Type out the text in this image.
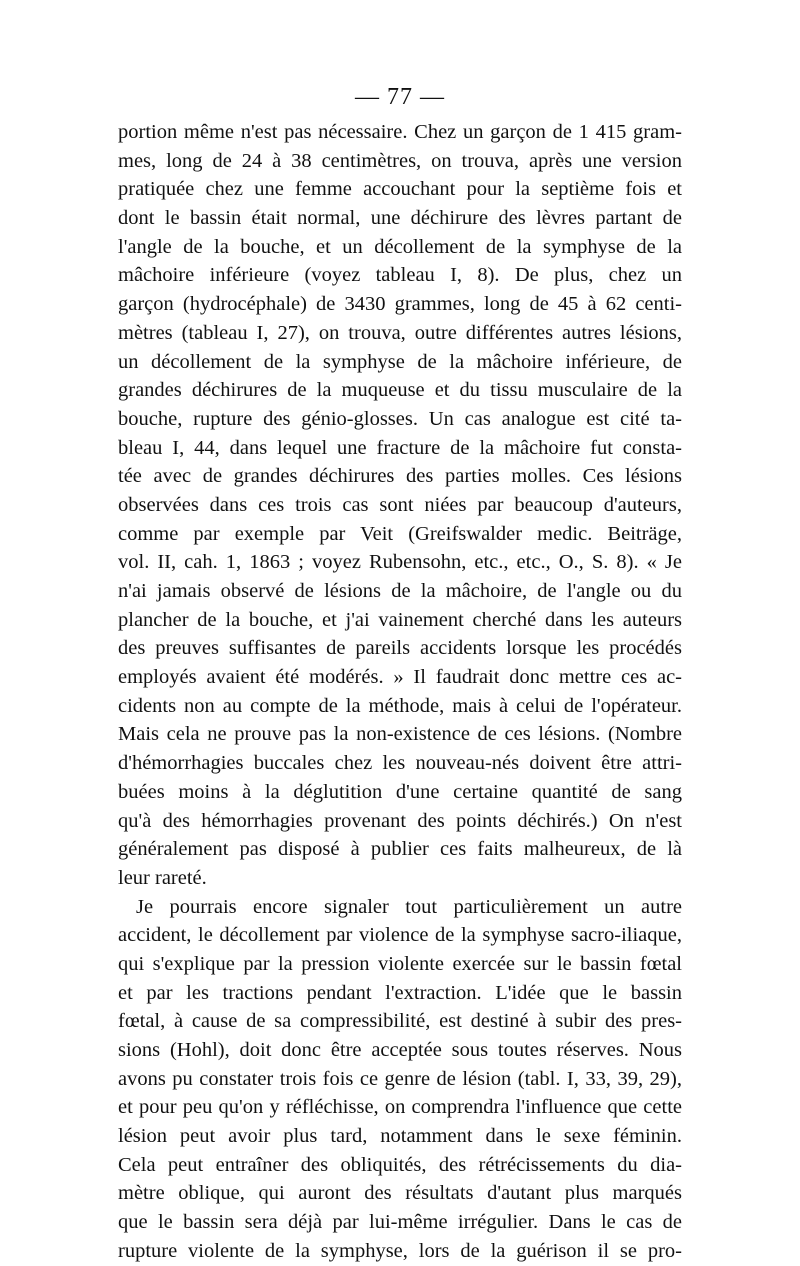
— 77 —
portion même n'est pas nécessaire. Chez un garçon de 1 415 gram-
mes, long de 24 à 38 centimètres, on trouva, après une version
pratiquée chez une femme accouchant pour la septième fois et
dont le bassin était normal, une déchirure des lèvres partant de
l'angle de la bouche, et un décollement de la symphyse de la
mâchoire inférieure (voyez tableau I, 8). De plus, chez un
garçon (hydrocéphale) de 3430 grammes, long de 45 à 62 centi-
mètres (tableau I, 27), on trouva, outre différentes autres lésions,
un décollement de la symphyse de la mâchoire inférieure, de
grandes déchirures de la muqueuse et du tissu musculaire de la
bouche, rupture des génio-glosses. Un cas analogue est cité ta-
bleau I, 44, dans lequel une fracture de la mâchoire fut consta-
tée avec de grandes déchirures des parties molles. Ces lésions
observées dans ces trois cas sont niées par beaucoup d'auteurs,
comme par exemple par Veit (Greifswalder medic. Beiträge,
vol. II, cah. 1, 1863 ; voyez Rubensohn, etc., etc., O., S. 8). « Je
n'ai jamais observé de lésions de la mâchoire, de l'angle ou du
plancher de la bouche, et j'ai vainement cherché dans les auteurs
des preuves suffisantes de pareils accidents lorsque les procédés
employés avaient été modérés. » Il faudrait donc mettre ces ac-
cidents non au compte de la méthode, mais à celui de l'opérateur.
Mais cela ne prouve pas la non-existence de ces lésions. (Nombre
d'hémorrhagies buccales chez les nouveau-nés doivent être attri-
buées moins à la déglutition d'une certaine quantité de sang
qu'à des hémorrhagies provenant des points déchirés.) On n'est
généralement pas disposé à publier ces faits malheureux, de là
leur rareté.
Je pourrais encore signaler tout particulièrement un autre
accident, le décollement par violence de la symphyse sacro-iliaque,
qui s'explique par la pression violente exercée sur le bassin fœtal
et par les tractions pendant l'extraction. L'idée que le bassin
fœtal, à cause de sa compressibilité, est destiné à subir des pres-
sions (Hohl), doit donc être acceptée sous toutes réserves. Nous
avons pu constater trois fois ce genre de lésion (tabl. I, 33, 39, 29),
et pour peu qu'on y réfléchisse, on comprendra l'influence que cette
lésion peut avoir plus tard, notamment dans le sexe féminin.
Cela peut entraîner des obliquités, des rétrécissements du dia-
mètre oblique, qui auront des résultats d'autant plus marqués
que le bassin sera déjà par lui-même irrégulier. Dans le cas de
rupture violente de la symphyse, lors de la guérison il se pro-
